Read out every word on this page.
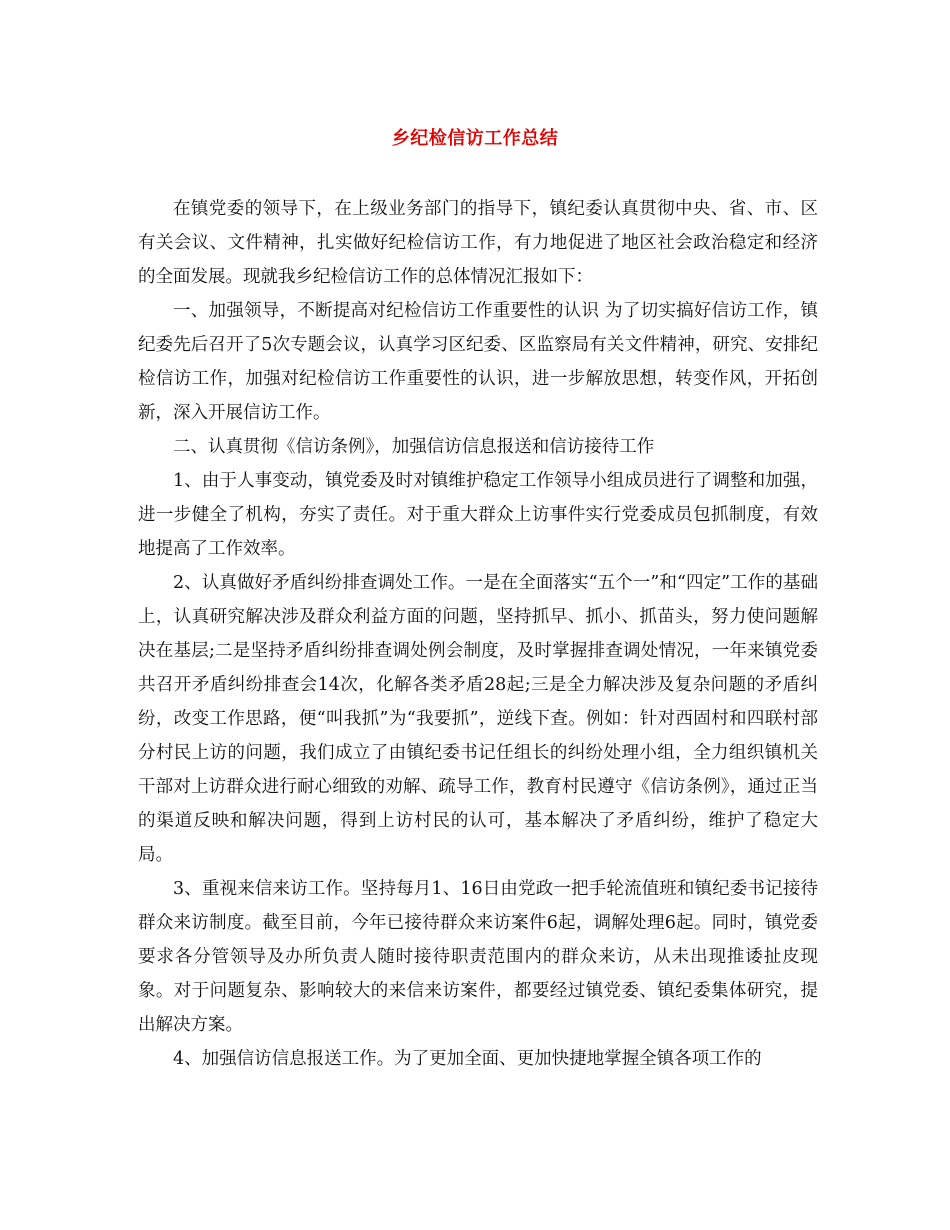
乡纪检信访工作总结

在镇党委的领导下，在上级业务部门的指导下，镇纪委认真贯彻中央、省、市、区有关会议、文件精神，扎实做好纪检信访工作，有力地促进了地区社会政治稳定和经济的全面发展。现就我乡纪检信访工作的总体情况汇报如下：

一、加强领导，不断提高对纪检信访工作重要性的认识 为了切实搞好信访工作，镇纪委先后召开了5次专题会议，认真学习区纪委、区监察局有关文件精神，研究、安排纪检信访工作，加强对纪检信访工作重要性的认识，进一步解放思想，转变作风，开拓创新，深入开展信访工作。

二、认真贯彻《信访条例》，加强信访信息报送和信访接待工作

1、由于人事变动，镇党委及时对镇维护稳定工作领导小组成员进行了调整和加强，进一步健全了机构，夯实了责任。对于重大群众上访事件实行党委成员包抓制度，有效地提高了工作效率。

2、认真做好矛盾纠纷排查调处工作。一是在全面落实“五个一”和“四定”工作的基础上，认真研究解决涉及群众利益方面的问题，坚持抓早、抓小、抓苗头，努力使问题解决在基层;二是坚持矛盾纠纷排查调处例会制度，及时掌握排查调处情况，一年来镇党委共召开矛盾纠纷排查会14次，化解各类矛盾28起;三是全力解决涉及复杂问题的矛盾纠纷，改变工作思路，便“叫我抓”为“我要抓”，逆线下查。例如：针对西固村和四联村部分村民上访的问题，我们成立了由镇纪委书记任组长的纠纷处理小组，全力组织镇机关干部对上访群众进行耐心细致的劝解、疏导工作，教育村民遵守《信访条例》，通过正当的渠道反映和解决问题，得到上访村民的认可，基本解决了矛盾纠纷，维护了稳定大局。

3、重视来信来访工作。坚持每月1、16日由党政一把手轮流值班和镇纪委书记接待群众来访制度。截至目前，今年已接待群众来访案件6起，调解处理6起。同时，镇党委要求各分管领导及办所负责人随时接待职责范围内的群众来访，从未出现推诿扯皮现象。对于问题复杂、影响较大的来信来访案件，都要经过镇党委、镇纪委集体研究，提出解决方案。

4、加强信访信息报送工作。为了更加全面、更加快捷地掌握全镇各项工作的
